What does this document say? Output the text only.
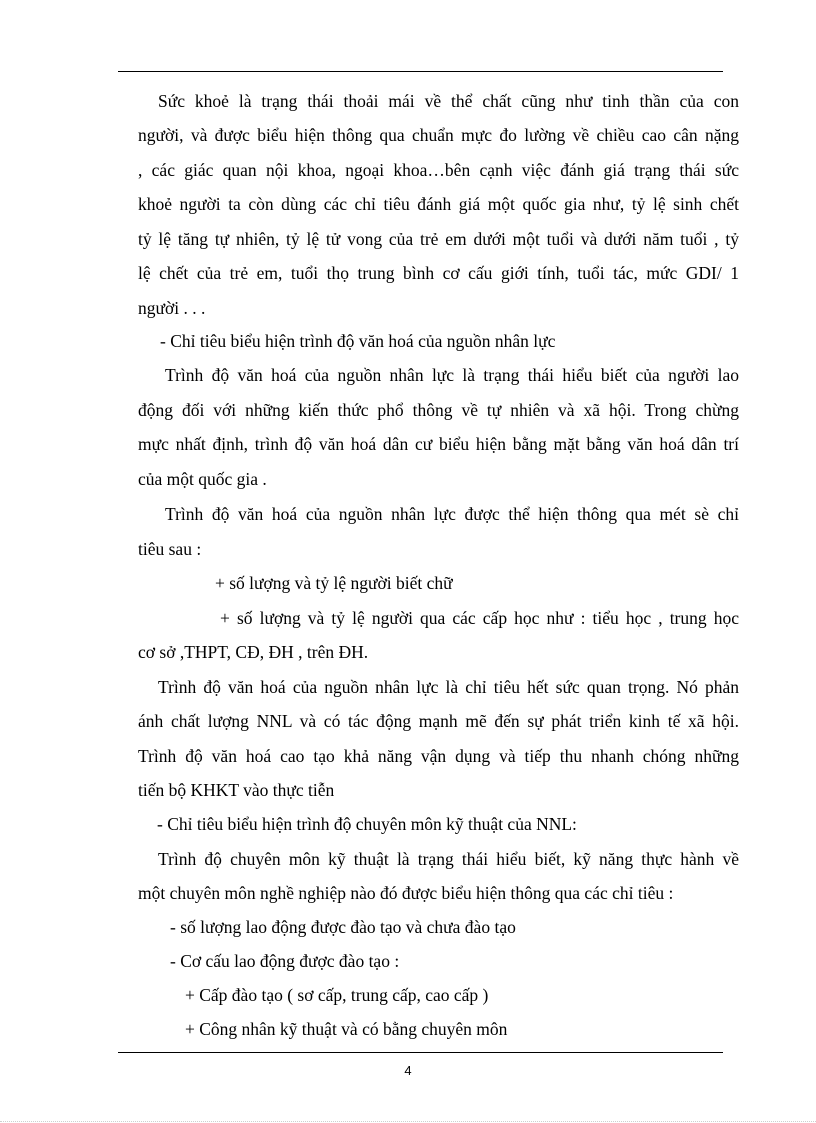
Sức khoẻ là trạng thái thoải mái về thể chất cũng như tinh thần của con
người, và được biểu hiện thông qua chuẩn mực đo lường về chiều cao cân nặng
, các giác quan nội khoa, ngoại khoa…bên cạnh việc đánh giá trạng thái sức
khoẻ người ta còn dùng các chỉ tiêu đánh giá một quốc gia như, tỷ lệ sinh chết
tỷ lệ tăng tự nhiên, tỷ lệ tử vong của trẻ em dưới một tuổi và dưới năm tuổi , tỷ
lệ chết của trẻ em, tuổi thọ trung bình cơ cấu giới tính, tuổi tác, mức GDI/ 1
người . . .
- Chỉ tiêu biểu hiện trình độ văn hoá của nguồn nhân lực
Trình độ văn hoá của nguồn nhân lực là trạng thái hiểu biết của người lao
động đối với những kiến thức phổ thông về tự nhiên và xã hội. Trong chừng
mực nhất định, trình độ văn hoá dân cư biểu hiện bằng mặt bằng văn hoá dân trí
của một quốc gia .
Trình độ văn hoá của nguồn nhân lực được thể hiện thông qua mét sè chỉ
tiêu sau :
+ số lượng và tỷ lệ người biết chữ
+ số lượng và tỷ lệ người qua các cấp học như : tiểu học , trung học
cơ sở ,THPT, CĐ, ĐH , trên ĐH.
Trình độ văn hoá của nguồn nhân lực là chỉ tiêu hết sức quan trọng. Nó phản
ánh chất lượng NNL và có tác động mạnh mẽ đến sự phát triển kinh tế xã hội.
Trình độ văn hoá cao tạo khả năng vận dụng và tiếp thu nhanh chóng những
tiến bộ KHKT vào thực tiễn
- Chỉ tiêu biểu hiện trình độ chuyên môn kỹ thuật của NNL:
Trình độ chuyên môn kỹ thuật là trạng thái hiểu biết, kỹ năng thực hành về
một chuyên môn nghề nghiệp nào đó được biểu hiện thông qua các chỉ tiêu :
- số lượng lao động được đào tạo và chưa đào tạo
- Cơ cấu lao động được đào tạo :
+ Cấp đào tạo ( sơ cấp, trung cấp, cao cấp )
+ Công nhân kỹ thuật và có bằng chuyên môn
4
